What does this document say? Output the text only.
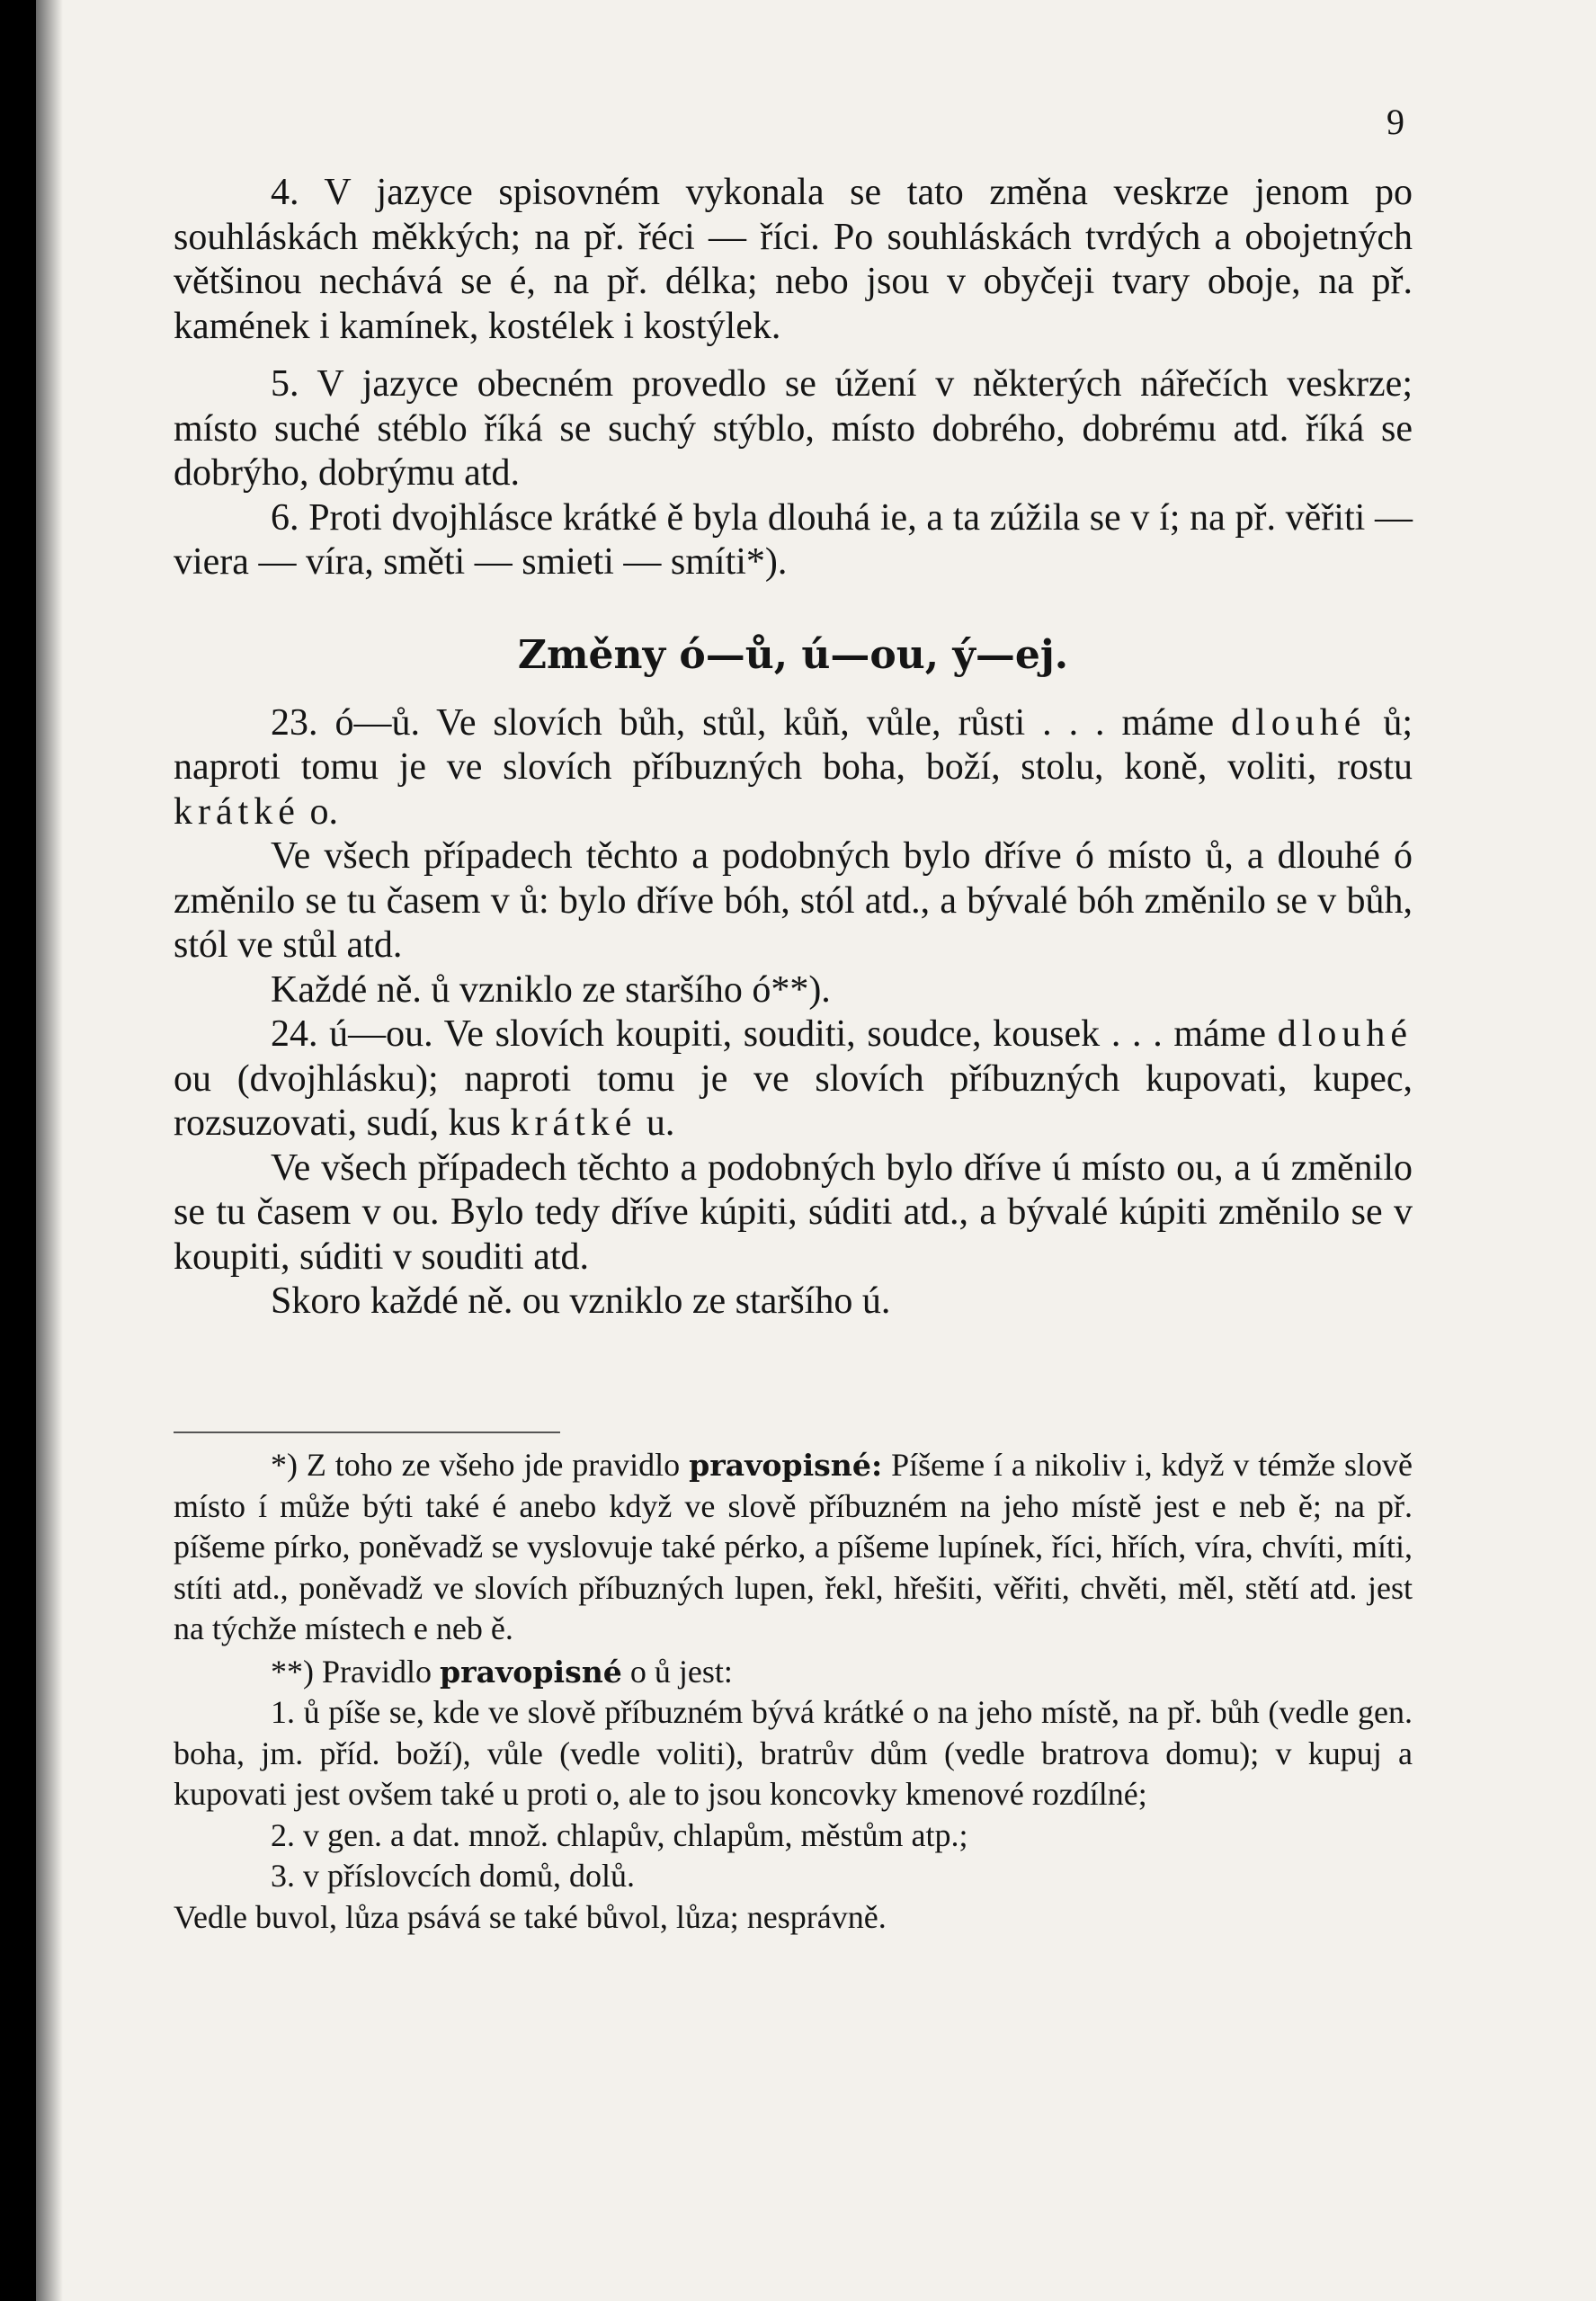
9

4. V jazyce spisovném vykonala se tato změna veskrze jenom po souhláskách měkkých; na př. řéci — říci. Po souhláskách tvrdých a obojetných většinou nechává se é, na př. délka; nebo jsou v obyčeji tvary oboje, na př. kamének i kamínek, kostélek i kostýlek.

5. V jazyce obecném provedlo se úžení v některých nářečích veskrze; místo suché stéblo říká se suchý stýblo, místo dobrého, dobrému atd. říká se dobrýho, dobrýmu atd.

6. Proti dvojhlásce krátké ě byla dlouhá ie, a ta zúžila se v í; na př. věřiti — viera — víra, směti — smieti — smíti*).

Změny ó—ů, ú—ou, ý—ej.

23. ó—ů. Ve slovích bůh, stůl, kůň, vůle, růsti . . . máme dlouhé ů; naproti tomu je ve slovích příbuzných boha, boží, stolu, koně, voliti, rostu krátké o.

Ve všech případech těchto a podobných bylo dříve ó místo ů, a dlouhé ó změnilo se tu časem v ů: bylo dříve bóh, stól atd., a bývalé bóh změnilo se v bůh, stól ve stůl atd.

Každé ně. ů vzniklo ze staršího ó**).

24. ú—ou. Ve slovích koupiti, souditi, soudce, kousek . . . máme dlouhé ou (dvojhlásku); naproti tomu je ve slovích příbuzných kupovati, kupec, rozsuzovati, sudí, kus krátké u.

Ve všech případech těchto a podobných bylo dříve ú místo ou, a ú změnilo se tu časem v ou. Bylo tedy dříve kúpiti, súditi atd., a bývalé kúpiti změnilo se v koupiti, súditi v souditi atd.

Skoro každé ně. ou vzniklo ze staršího ú.

*) Z toho ze všeho jde pravidlo pravopisné: Píšeme í a nikoliv i, když v témže slově místo í může býti také é anebo když ve slově příbuzném na jeho místě jest e neb ě; na př. píšeme pírko, poněvadž se vyslovuje také pérko, a píšeme lupínek, říci, hřích, víra, chvíti, míti, stíti atd., poněvadž ve slovích příbuzných lupen, řekl, hřešiti, věřiti, chvěti, měl, stětí atd. jest na týchže místech e neb ě.

**) Pravidlo pravopisné o ů jest:

1. ů píše se, kde ve slově příbuzném bývá krátké o na jeho místě, na př. bůh (vedle gen. boha, jm. příd. boží), vůle (vedle voliti), bratrův dům (vedle bratrova domu); v kupuj a kupovati jest ovšem také u proti o, ale to jsou koncovky kmenové rozdílné;

2. v gen. a dat. množ. chlapův, chlapům, městům atp.;

3. v příslovcích domů, dolů.

Vedle buvol, lůza psává se také bůvol, lůza; nesprávně.
